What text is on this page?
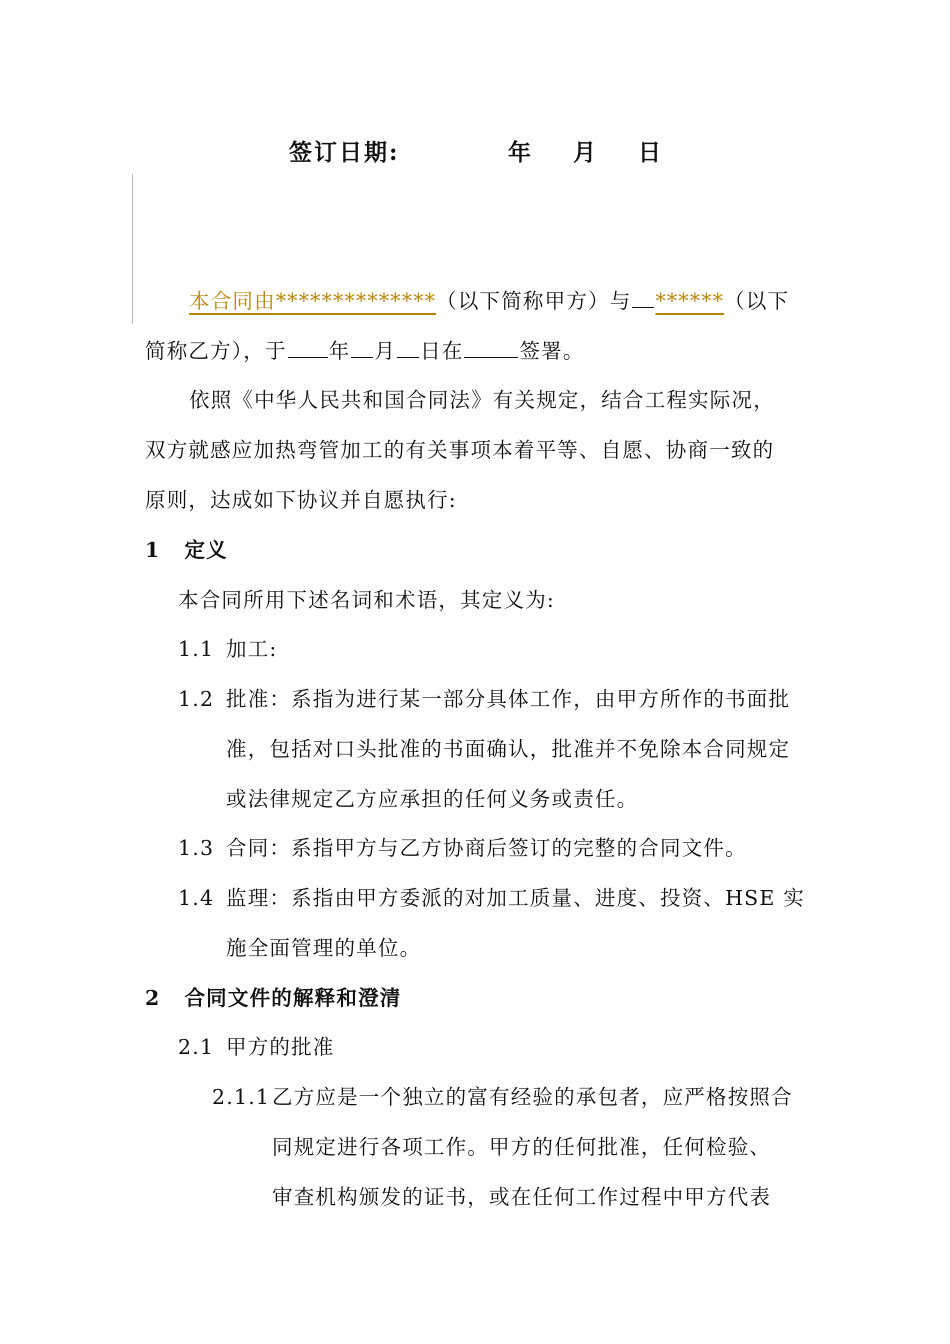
签订日期:	年 月 日
本合同由**************（以下简称甲方）与 ******（以下
简称乙方），于 年 月 日在	签署。
依照《中华人民共和国合同法》有关规定，结合工程实际况，
双方就感应加热弯管加工的有关事项本着平等、自愿、协商一致的
原则，达成如下协议并自愿执行:
1 定义
本合同所用下述名词和术语，其定义为:
1.1 加工:
1.2 批准：系指为进行某一部分具体工作，由甲方所作的书面批
准，包括对口头批准的书面确认，批准并不免除本合同规定
或法律规定乙方应承担的任何义务或责任。
1.3 合同：系指甲方与乙方协商后签订的完整的合同文件。
1.4 监理：系指由甲方委派的对加工质量、进度、投资、HSE 实
施全面管理的单位。
2 合同文件的解释和澄清
2.1 甲方的批准
2.1.1乙方应是一个独立的富有经验的承包者，应严格按照合
同规定进行各项工作。甲方的任何批准，任何检验、
审查机构颁发的证书，或在任何工作过程中甲方代表
